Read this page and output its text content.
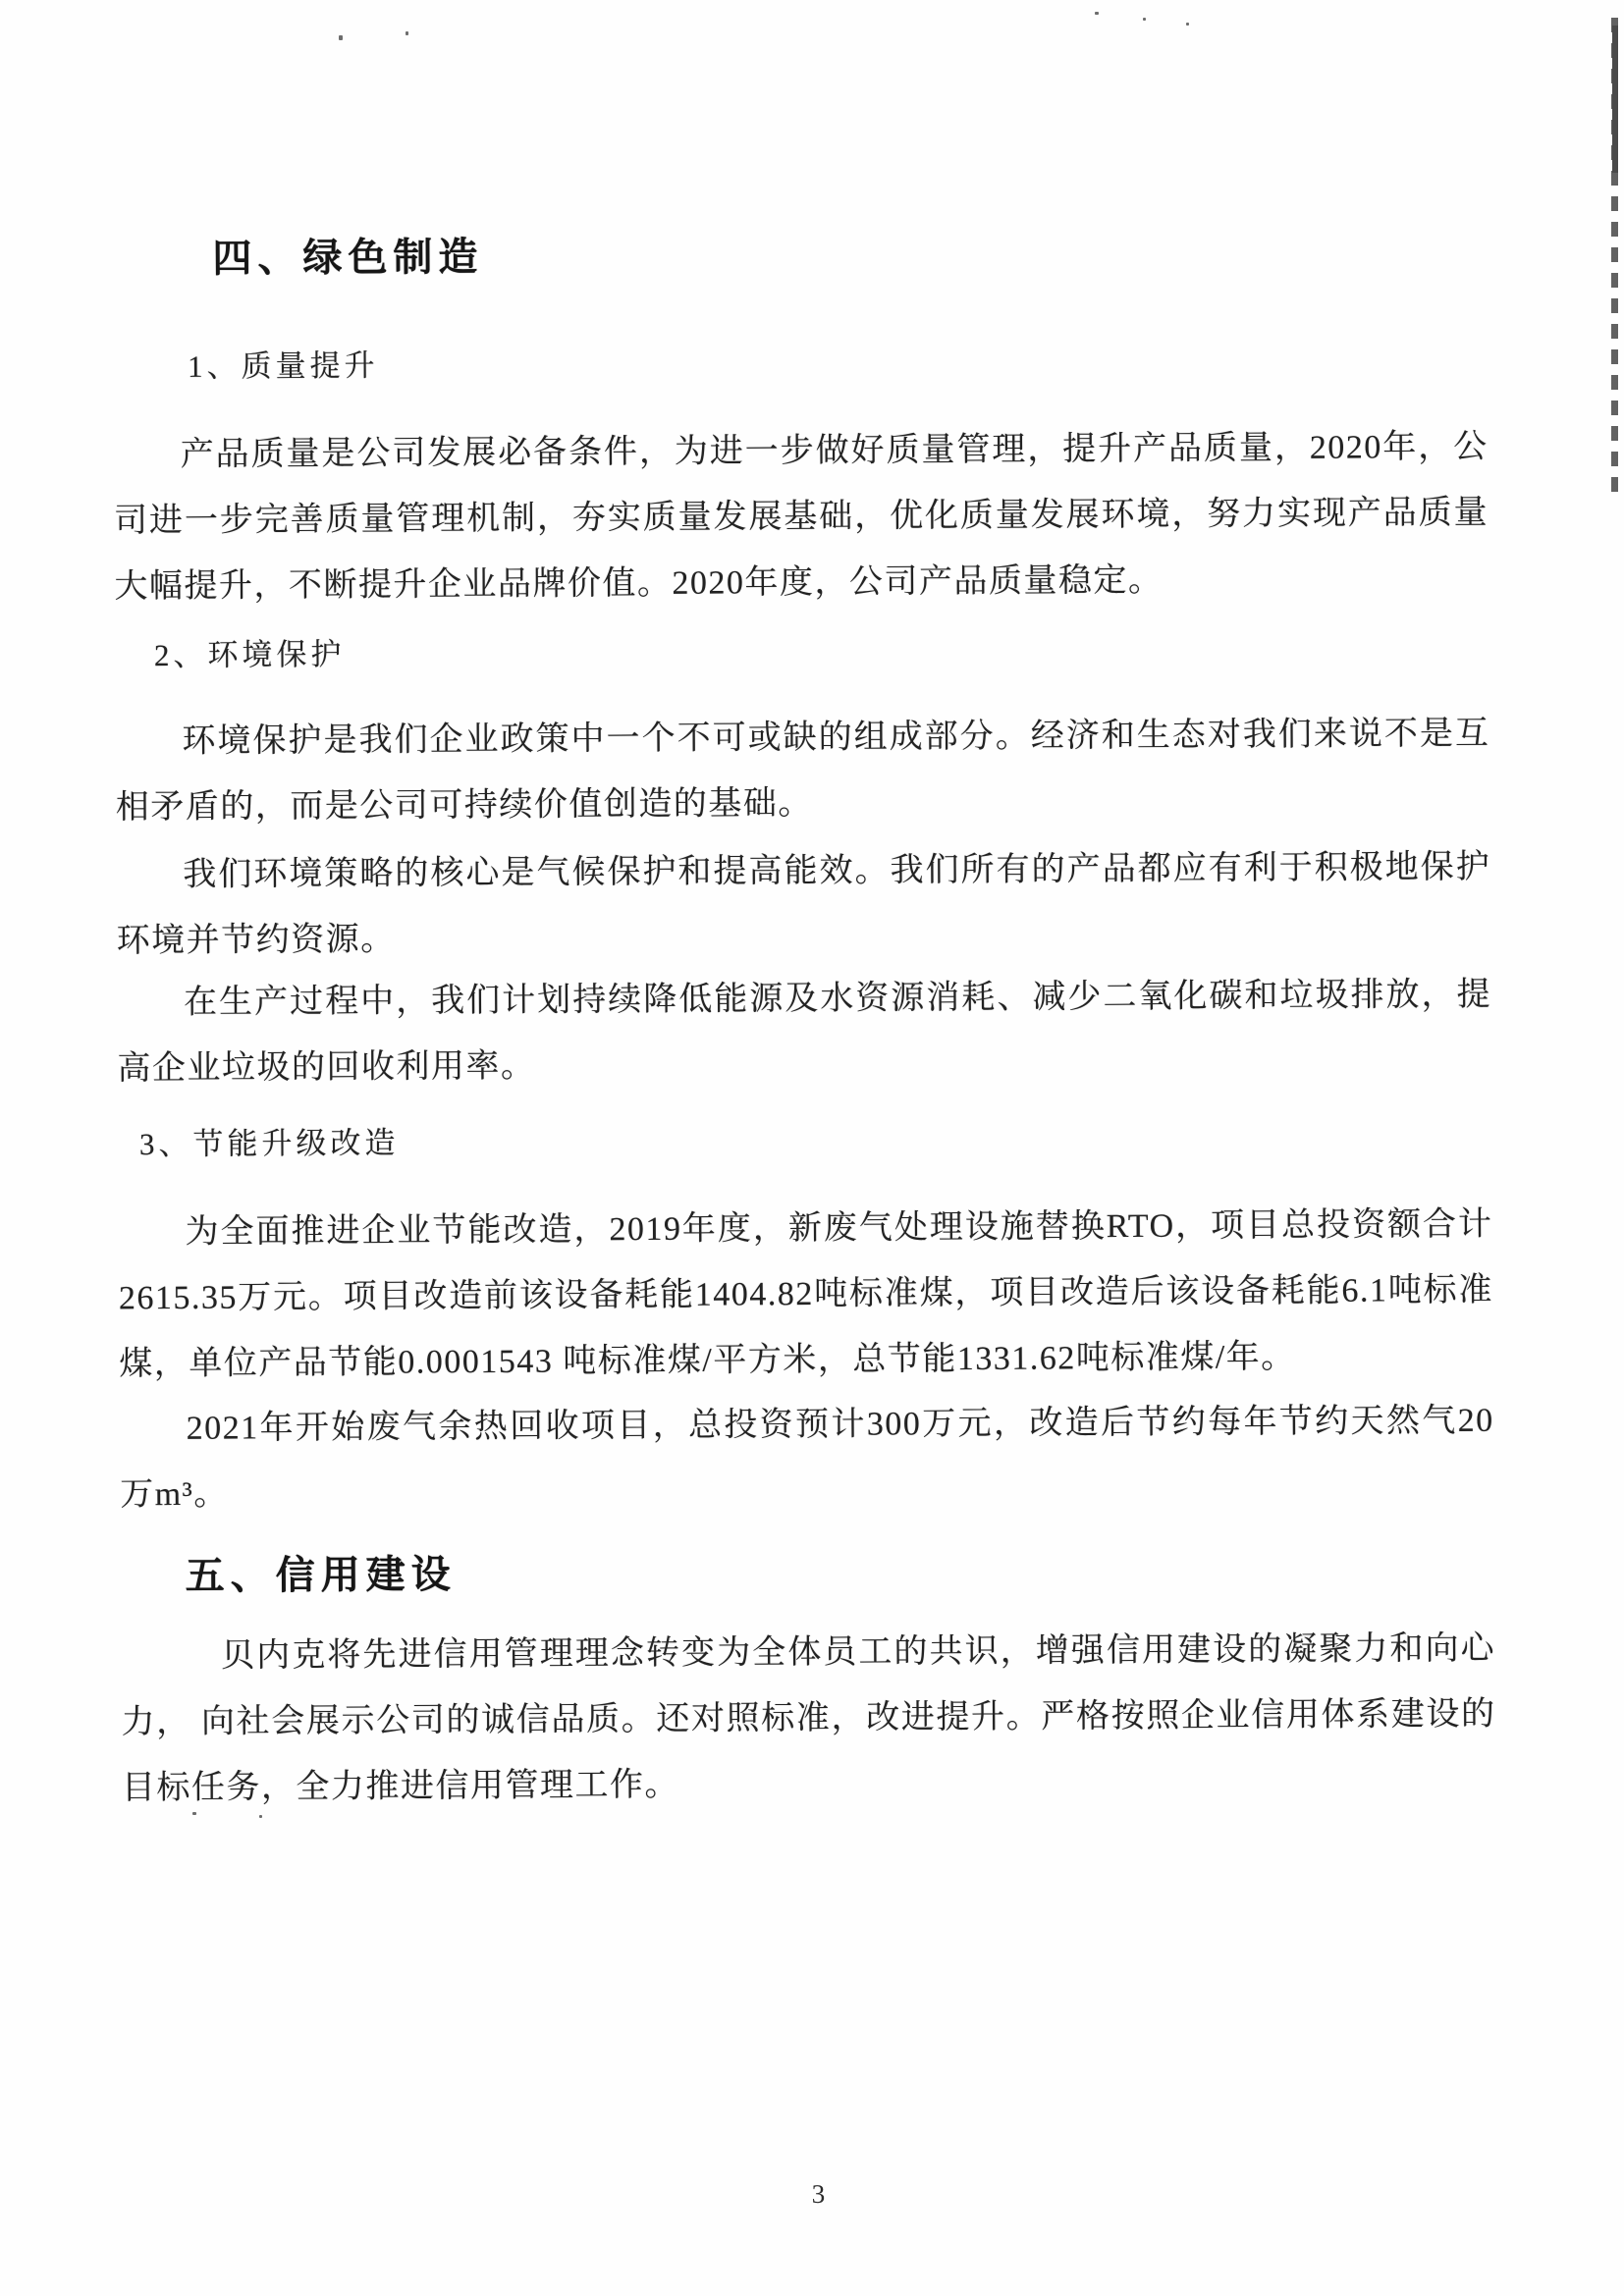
四、绿色制造
1、质量提升
产品质量是公司发展必备条件，为进一步做好质量管理，提升产品质量，2020年，公司进一步完善质量管理机制，夯实质量发展基础，优化质量发展环境，努力实现产品质量大幅提升，不断提升企业品牌价值。2020年度，公司产品质量稳定。
2、环境保护
环境保护是我们企业政策中一个不可或缺的组成部分。经济和生态对我们来说不是互相矛盾的，而是公司可持续价值创造的基础。
我们环境策略的核心是气候保护和提高能效。我们所有的产品都应有利于积极地保护环境并节约资源。
在生产过程中，我们计划持续降低能源及水资源消耗、减少二氧化碳和垃圾排放，提高企业垃圾的回收利用率。
3、节能升级改造
为全面推进企业节能改造，2019年度，新废气处理设施替换RTO，项目总投资额合计2615.35万元。项目改造前该设备耗能1404.82吨标准煤，项目改造后该设备耗能6.1吨标准煤，单位产品节能0.0001543 吨标准煤/平方米，总节能1331.62吨标准煤/年。
2021年开始废气余热回收项目，总投资预计300万元，改造后节约每年节约天然气20万m³。
五、信用建设
贝内克将先进信用管理理念转变为全体员工的共识，增强信用建设的凝聚力和向心力， 向社会展示公司的诚信品质。还对照标准，改进提升。严格按照企业信用体系建设的目标任务，全力推进信用管理工作。
3
